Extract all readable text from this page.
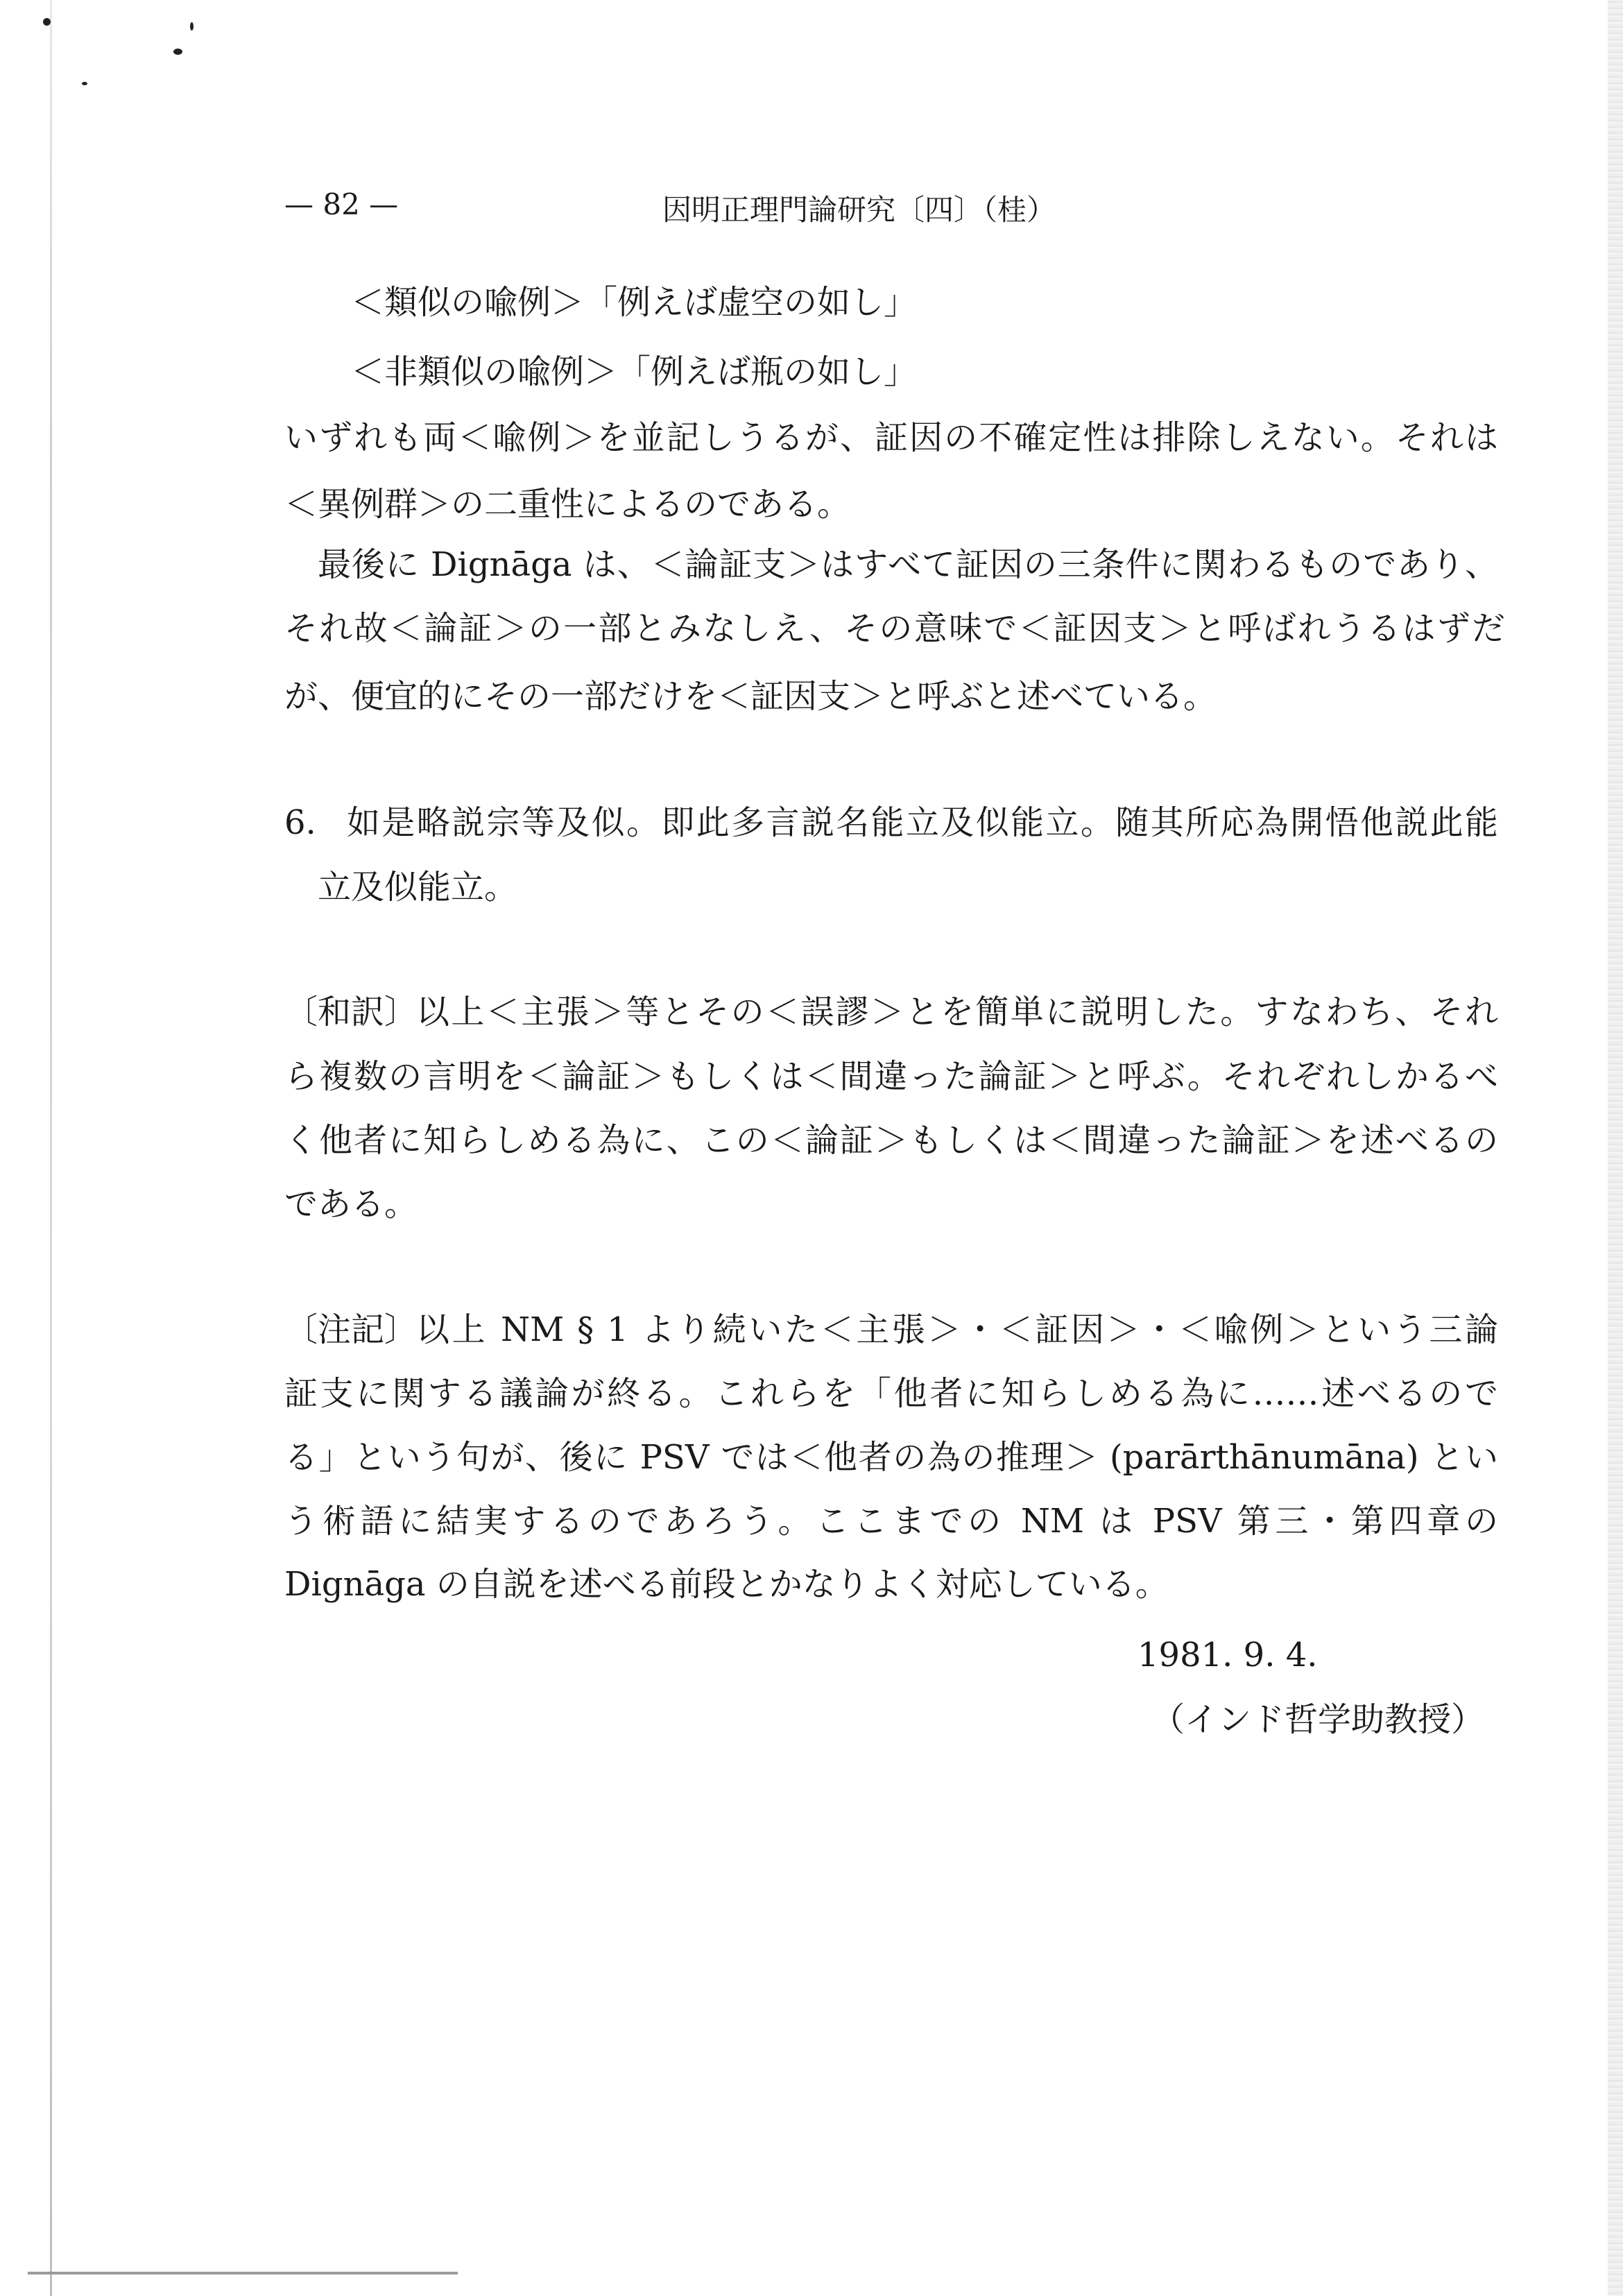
— 82 —	因明正理門論研究〔四〕（桂）
＜類似の喩例＞「例えば虚空の如し」
＜非類似の喩例＞「例えば瓶の如し」
いずれも両＜喩例＞を並記しうるが、証因の不確定性は排除しえない。それは
＜異例群＞の二重性によるのである。
最後に Dignāga は、＜論証支＞はすべて証因の三条件に関わるものであり、
それ故＜論証＞の一部とみなしえ、その意味で＜証因支＞と呼ばれうるはずだ
が、便宜的にその一部だけを＜証因支＞と呼ぶと述べている。
6. 如是略説宗等及似。即此多言説名能立及似能立。随其所応為開悟他説此能
立及似能立。
〔和訳〕
以上＜主張＞等とその＜誤謬＞とを簡単に説明した。すなわち、それ
ら複数の言明を＜論証＞もしくは＜間違った論証＞と呼ぶ。それぞれしかるべ
く他者に知らしめる為に、この＜論証＞もしくは＜間違った論証＞を述べるの
である。
〔注記〕
以上 NM § 1 より続いた＜主張＞・＜証因＞・＜喩例＞という三論
証支に関する議論が終る。これらを「他者に知らしめる為に……述べるので
る」という句が、後に PSV では＜他者の為の推理＞ (parārthānumāna) とい
う術語に結実するのであろう。ここまでの NM は PSV 第三・第四章の
Dignāga の自説を述べる前段とかなりよく対応している。
1981. 9. 4.
（インド哲学助教授）
